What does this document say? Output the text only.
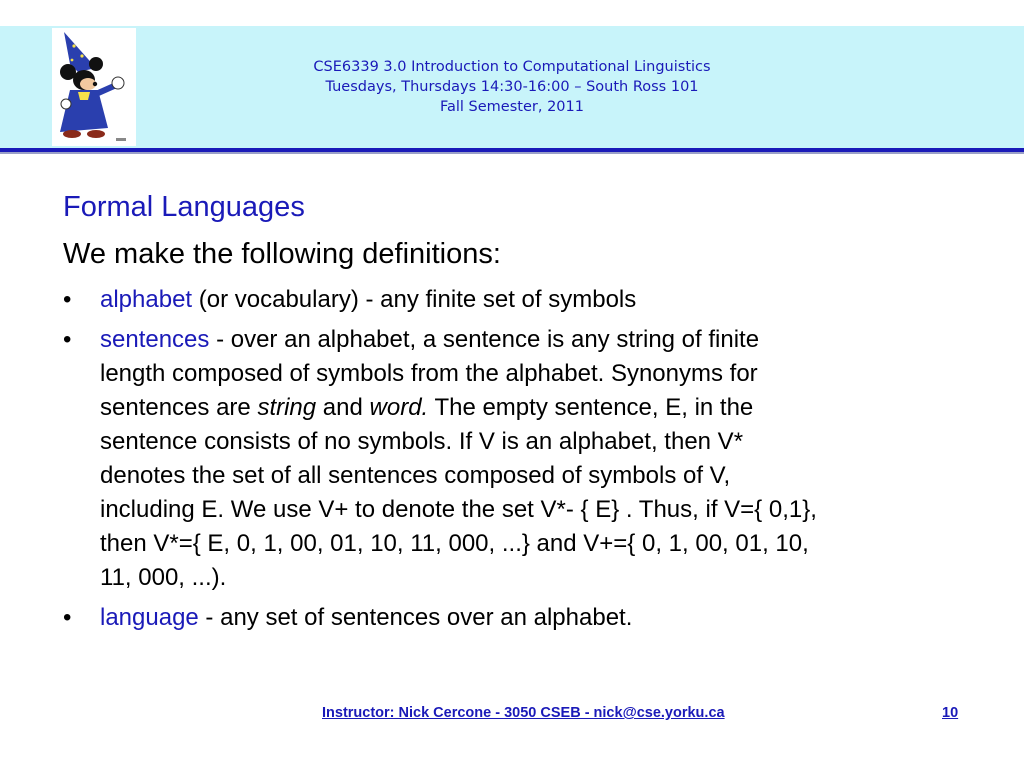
CSE6339 3.0 Introduction to Computational Linguistics
Tuesdays, Thursdays 14:30-16:00 – South Ross 101
Fall Semester, 2011
Formal Languages
We make the following definitions:
•	alphabet (or vocabulary) - any finite set of symbols
•	sentences - over an alphabet, a sentence is any string of finite
length composed of symbols from the alphabet. Synonyms for
sentences are string and word. The empty sentence, E, in the
sentence consists of no symbols. If V is an alphabet, then V*
denotes the set of all sentences composed of symbols of V,
including E. We use V+ to denote the set V*- { E} . Thus, if V={ 0,1},
then V*={ E, 0, 1, 00, 01, 10, 11, 000, ...} and V+={ 0, 1, 00, 01, 10,
11, 000, ...).
•	language - any set of sentences over an alphabet.
Instructor: Nick Cercone - 3050 CSEB - nick@cse.yorku.ca	10
